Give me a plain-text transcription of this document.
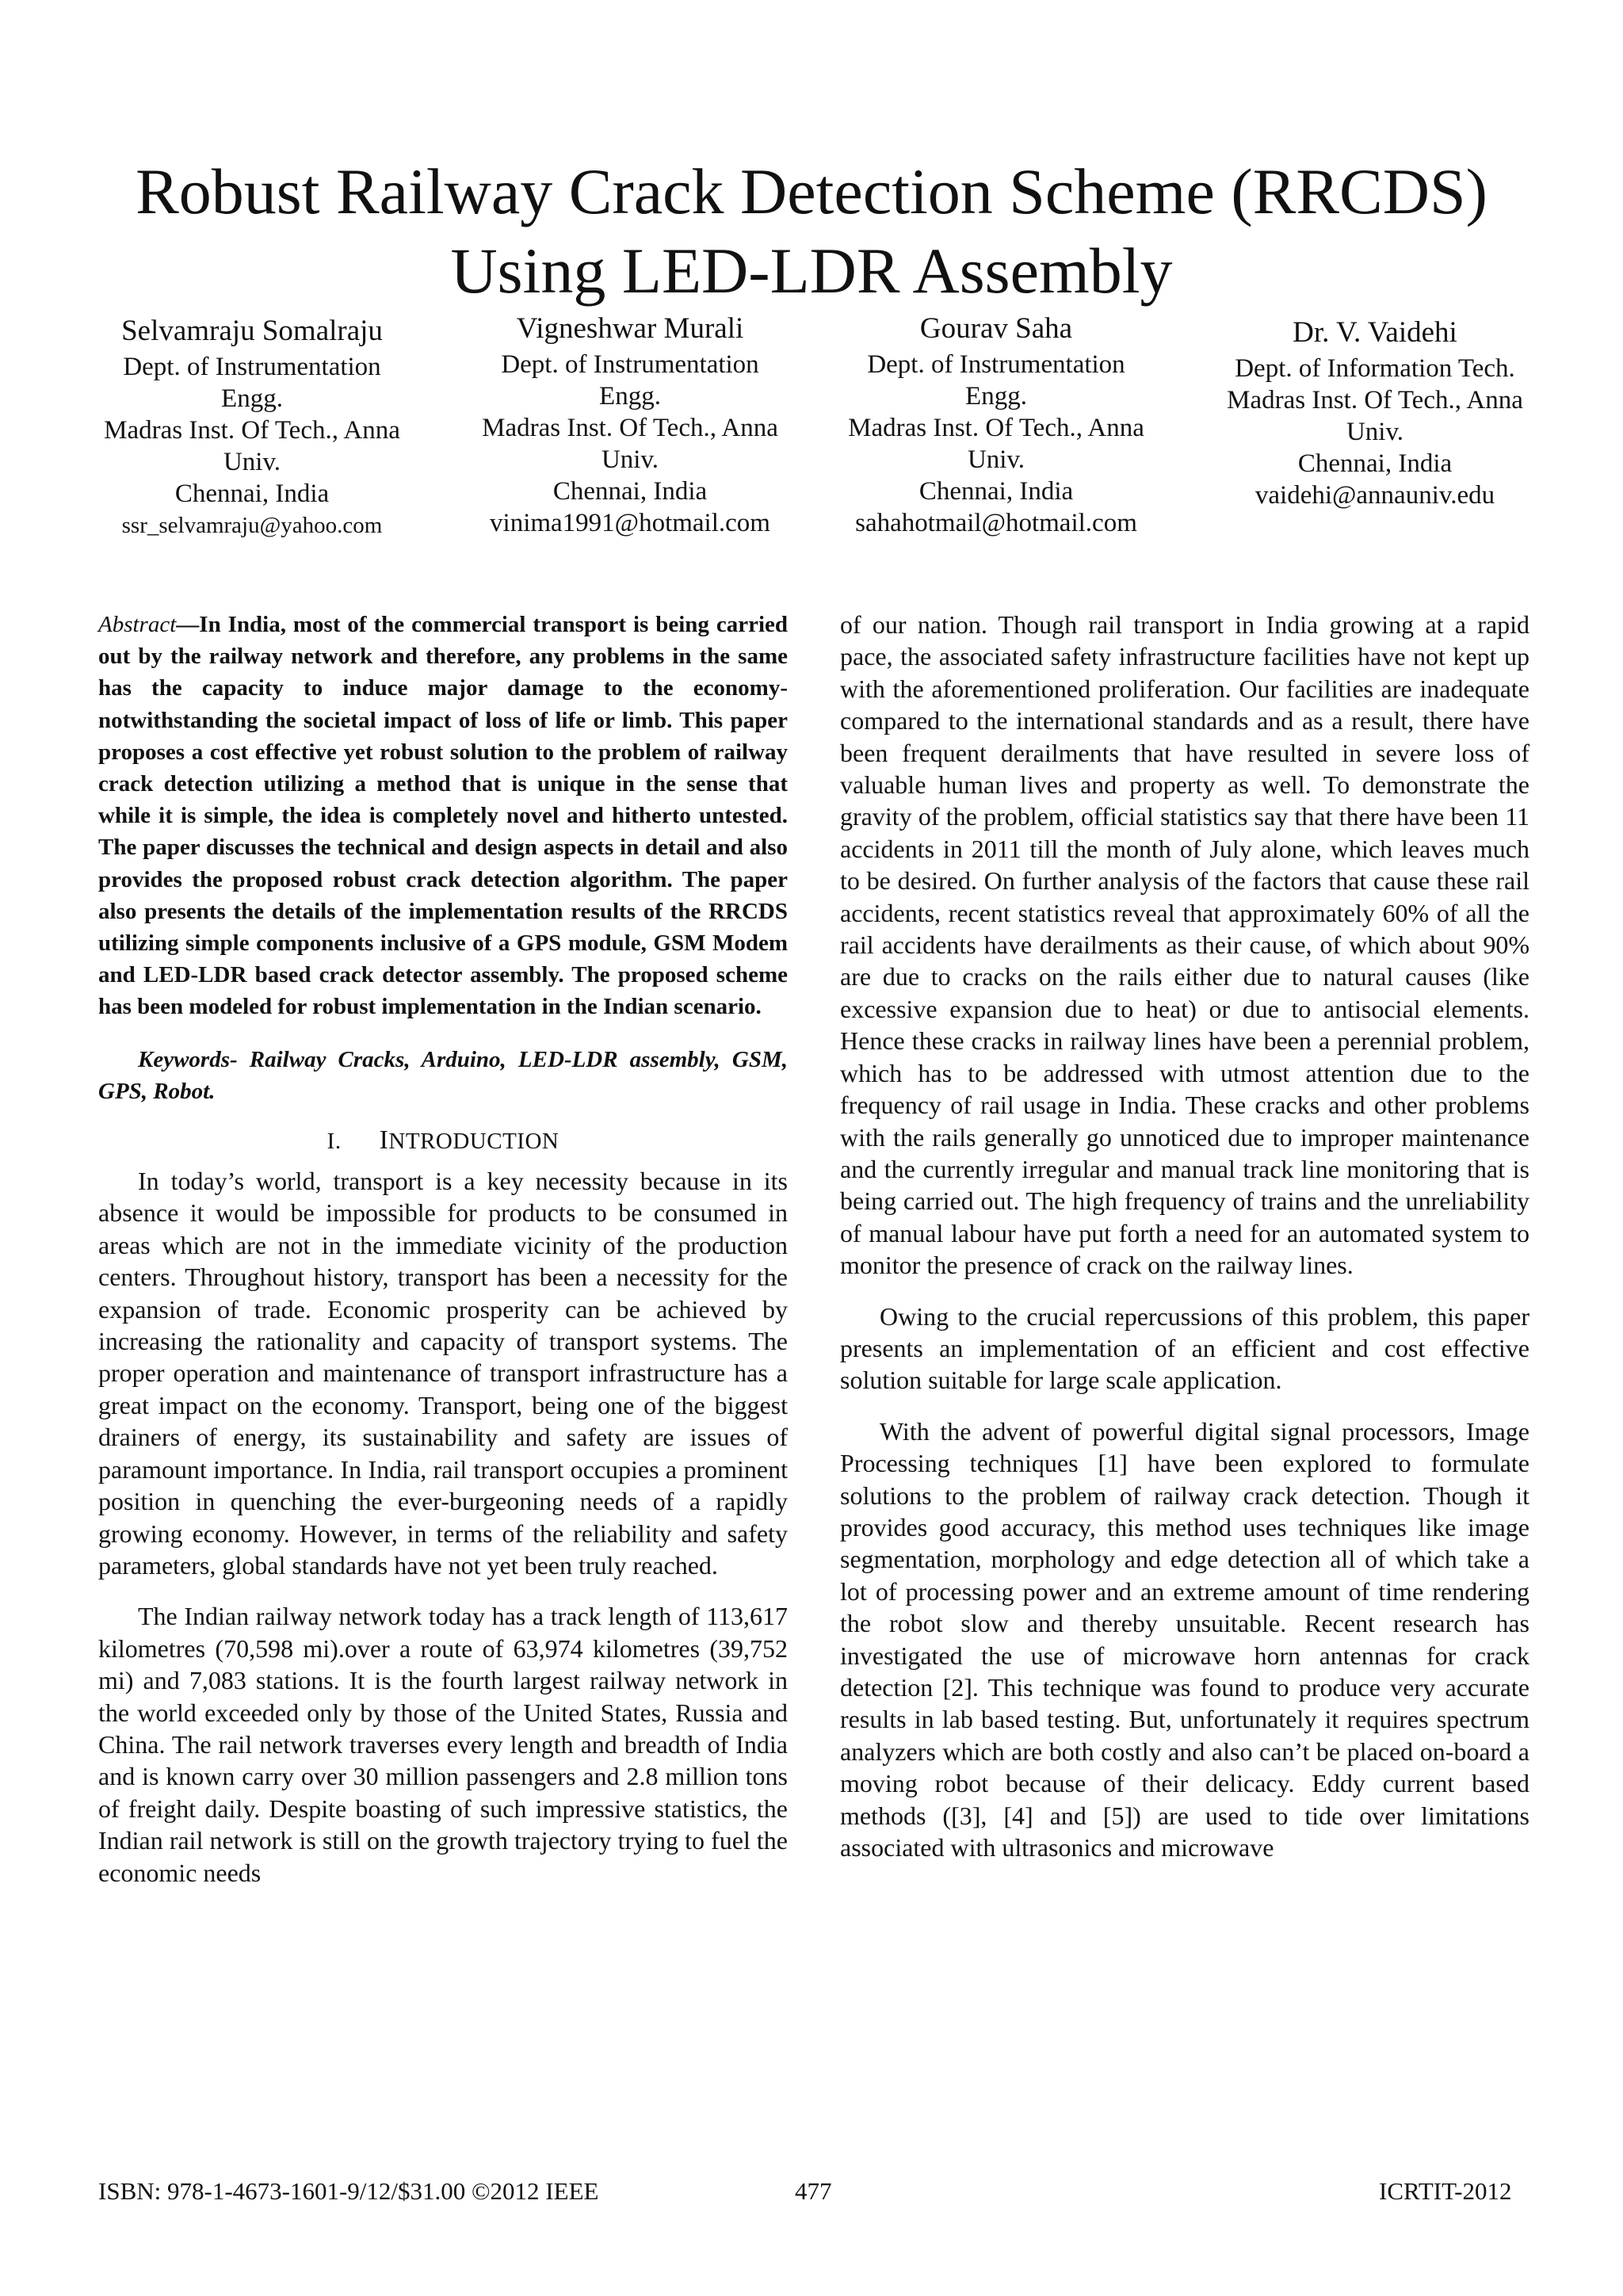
Robust Railway Crack Detection Scheme (RRCDS)
Using LED-LDR Assembly
Selvamraju Somalraju
Dept. of Instrumentation
Engg.
Madras Inst. Of Tech., Anna
Univ.
Chennai, India
ssr_selvamraju@yahoo.com
Vigneshwar Murali
Dept. of Instrumentation
Engg.
Madras Inst. Of Tech., Anna
Univ.
Chennai, India
vinima1991@hotmail.com
Gourav Saha
Dept. of Instrumentation
Engg.
Madras Inst. Of Tech., Anna
Univ.
Chennai, India
sahahotmail@hotmail.com
Dr. V. Vaidehi
Dept. of Information Tech.
Madras Inst. Of Tech., Anna
Univ.
Chennai, India
vaidehi@annauniv.edu

Abstract—In India, most of the commercial transport is being carried out by the railway network and therefore, any problems in the same has the capacity to induce major damage to the economy-notwithstanding the societal impact of loss of life or limb. This paper proposes a cost effective yet robust solution to the problem of railway crack detection utilizing a method that is unique in the sense that while it is simple, the idea is completely novel and hitherto untested. The paper discusses the technical and design aspects in detail and also provides the proposed robust crack detection algorithm. The paper also presents the details of the implementation results of the RRCDS utilizing simple components inclusive of a GPS module, GSM Modem and LED-LDR based crack detector assembly. The proposed scheme has been modeled for robust implementation in the Indian scenario.

Keywords- Railway Cracks, Arduino, LED-LDR assembly, GSM, GPS, Robot.

I. INTRODUCTION

In today’s world, transport is a key necessity because in its absence it would be impossible for products to be consumed in areas which are not in the immediate vicinity of the production centers. Throughout history, transport has been a necessity for the expansion of trade. Economic prosperity can be achieved by increasing the rationality and capacity of transport systems. The proper operation and maintenance of transport infrastructure has a great impact on the economy. Transport, being one of the biggest drainers of energy, its sustainability and safety are issues of paramount importance. In India, rail transport occupies a prominent position in quenching the ever-burgeoning needs of a rapidly growing economy. However, in terms of the reliability and safety parameters, global standards have not yet been truly reached.

The Indian railway network today has a track length of 113,617 kilometres (70,598 mi).over a route of 63,974 kilometres (39,752 mi) and 7,083 stations. It is the fourth largest railway network in the world exceeded only by those of the United States, Russia and China. The rail network traverses every length and breadth of India and is known carry over 30 million passengers and 2.8 million tons of freight daily. Despite boasting of such impressive statistics, the Indian rail network is still on the growth trajectory trying to fuel the economic needs

of our nation. Though rail transport in India growing at a rapid pace, the associated safety infrastructure facilities have not kept up with the aforementioned proliferation. Our facilities are inadequate compared to the international standards and as a result, there have been frequent derailments that have resulted in severe loss of valuable human lives and property as well. To demonstrate the gravity of the problem, official statistics say that there have been 11 accidents in 2011 till the month of July alone, which leaves much to be desired. On further analysis of the factors that cause these rail accidents, recent statistics reveal that approximately 60% of all the rail accidents have derailments as their cause, of which about 90% are due to cracks on the rails either due to natural causes (like excessive expansion due to heat) or due to antisocial elements. Hence these cracks in railway lines have been a perennial problem, which has to be addressed with utmost attention due to the frequency of rail usage in India. These cracks and other problems with the rails generally go unnoticed due to improper maintenance and the currently irregular and manual track line monitoring that is being carried out. The high frequency of trains and the unreliability of manual labour have put forth a need for an automated system to monitor the presence of crack on the railway lines.

Owing to the crucial repercussions of this problem, this paper presents an implementation of an efficient and cost effective solution suitable for large scale application.

With the advent of powerful digital signal processors, Image Processing techniques [1] have been explored to formulate solutions to the problem of railway crack detection. Though it provides good accuracy, this method uses techniques like image segmentation, morphology and edge detection all of which take a lot of processing power and an extreme amount of time rendering the robot slow and thereby unsuitable. Recent research has investigated the use of microwave horn antennas for crack detection [2]. This technique was found to produce very accurate results in lab based testing. But, unfortunately it requires spectrum analyzers which are both costly and also can’t be placed on-board a moving robot because of their delicacy. Eddy current based methods ([3], [4] and [5]) are used to tide over limitations associated with ultrasonics and microwave

ISBN: 978-1-4673-1601-9/12/$31.00 ©2012 IEEE	477	ICRTIT-2012
